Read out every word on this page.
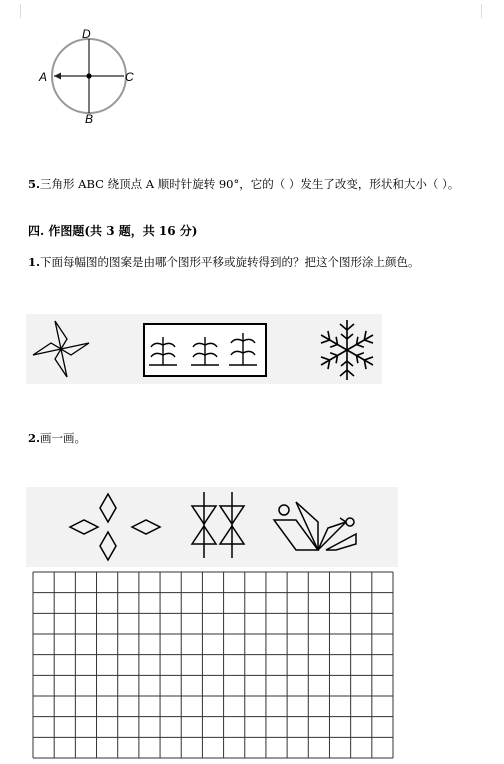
D
A	C
B
5.三角形 ABC 绕顶点 A 顺时针旋转 90°，它的（ ）发生了改变，形状和大小（ ）。
四. 作图题(共 3 题，共 16 分)
1.下面每幅图的图案是由哪个图形平移或旋转得到的？把这个图形涂上颜色。
2.画一画。
